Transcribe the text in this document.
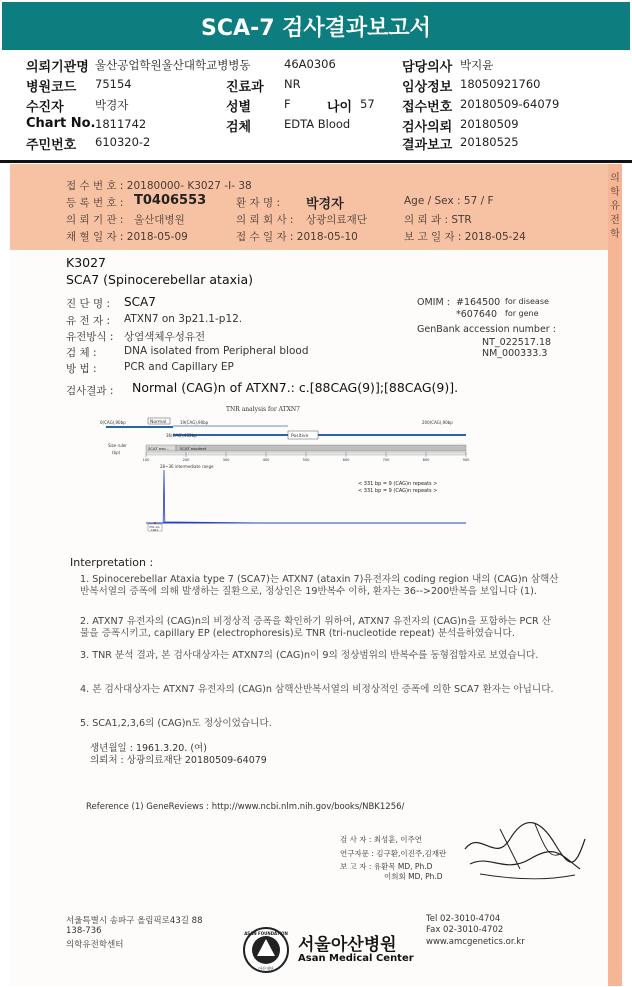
SCA-7 검사결과보고서
의뢰기관명 울산공업학원울산대학교병병동	46A0306	담당의사 박지윤
병원코드 75154	진료과 NR	임상정보 18050921760
수진자	박경자	성별	F	나이 57 접수번호 20180509-64079
Chart No. 1811742	검체	EDTA Blood	검사의뢰 20180509
주민번호 610320-2	결과보고 20180525
의
학
유
전
학
접 수 번 호 : 20180000- K3027 -I- 38
등 록 번 호 : T0406553	환 자 명 : 박경자	Age / Sex : 57 / F
의 뢰 기 관 : 울산대병원	의 뢰 회 사 : 상광의료재단	의 뢰 과 : STR
채 혈 일 자 : 2018-05-09	접 수 일 자 : 2018-05-10	보 고 일 자 : 2018-05-24
K3027
SCA7 (Spinocerebellar ataxia)
진 단 명 : SCA7
유 전 자 : ATXN7 on 3p21.1-p12.
유전방식 : 상염색체우성유전
검 체 :	DNA isolated from Peripheral blood
방 법 :	PCR and Capillary EP
OMIM : #164500 for disease
*607640 for gene
GenBank accession number :
NT_022517.18
NM_000333.3
검사결과 : Normal (CAG)n of ATXN7.: c.[88CAG(9)];[88CAG(9)].
TNR analysis for ATXN7
Normal
0(CAG),90bp	19(CAG),90bp
36(CAG),432bp
200(CAG),90bp
Positive
Size ruler
(bp)
SCAT exo...	SCAT exodeet
100	200	300	400	500	600	700	800	900
28~36 intermediate range
331 bp
1061
< 331 bp = 9 (CAG)n repeats >
< 331 bp = 9 (CAG)n repeats >
Interpretation :
1. Spinocerebellar Ataxia type 7 (SCA7)는 ATXN7 (ataxin 7)유전자의 coding region 내의 (CAG)n 삼핵산 반복서열의 증폭에 의해 발생하는 질환으로, 정상인은 19반복수 이하, 환자는 36-->200반복을 보입니다 (1).
2. ATXN7 유전자의 (CAG)n의 비정상적 증폭을 확인하기 위하여, ATXN7 유전자의 (CAG)n을 포함하는 PCR 산물을 증폭시키고, capillary EP (electrophoresis)로 TNR (tri-nucleotide repeat) 분석을하였습니다.
3. TNR 분석 결과, 본 검사대상자는 ATXN7의 (CAG)n이 9의 정상범위의 반복수를 동형접합자로 보였습니다.
4. 본 검사대상자는 ATXN7 유전자의 (CAG)n 삼핵산반복서열의 비정상적인 증폭에 의한 SCA7 환자는 아닙니다.
5. SCA1,2,3,6의 (CAG)n도 정상이었습니다.
생년월일 : 1961.3.20. (여)
의뢰처 : 상광의료재단 20180509-64079
Reference (1) GeneReviews : http://www.ncbi.nlm.nih.gov/books/NBK1256/
검 사 자 : 최성훈, 이주연
연구자문 : 김구환,이진주,김재란
보 고 자 : 유환목 MD, Ph.D
이희회 MD, Ph.D
서울특별시 송파구 올림픽로43길 88
138-736
의학유전학센터
ASAN FOUNDATION
아산재단
서울아산병원
Asan Medical Center
Tel 02-3010-4704
Fax 02-3010-4702
www.amcgenetics.or.kr
